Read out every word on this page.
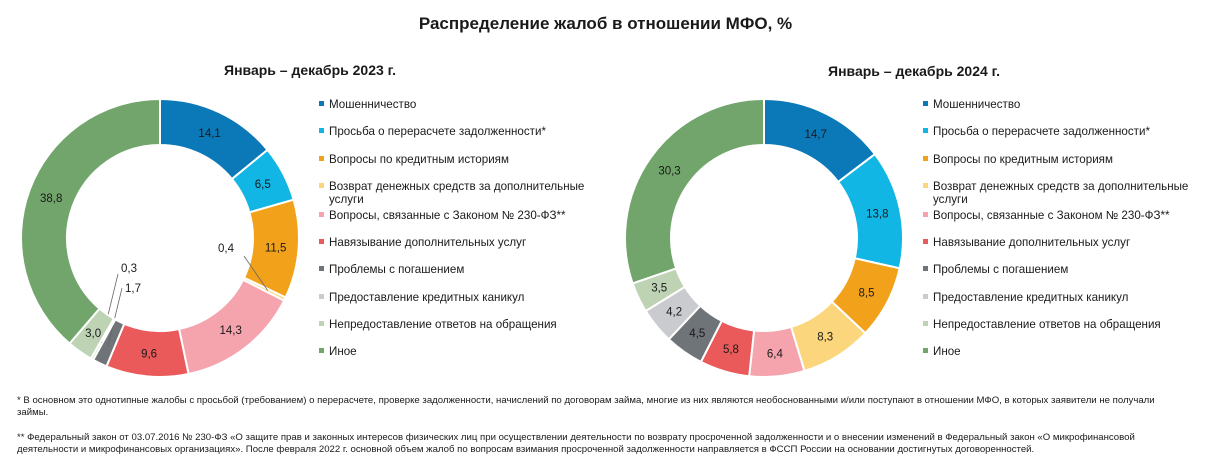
Распределение жалоб в отношении МФО, %
Январь – декабрь 2023 г.	Январь – декабрь 2024 г.
14,1
6,5
11,5
0,4
14,3
9,6
1,7
0,3
3,0
38,8
14,7
13,8
8,5
8,3
6,4
5,8
4,5
4,2
3,5
30,3
Мошенничество
Просьба о перерасчете задолженности*
Вопросы по кредитным историям
Возврат денежных средств за дополнительные услуги
Вопросы, связанные с Законом № 230-ФЗ**
Навязывание дополнительных услуг
Проблемы с погашением
Предоставление кредитных каникул
Непредоставление ответов на обращения
Иное
Мошенничество
Просьба о перерасчете задолженности*
Вопросы по кредитным историям
Возврат денежных средств за дополнительные услуги
Вопросы, связанные с Законом № 230-ФЗ**
Навязывание дополнительных услуг
Проблемы с погашением
Предоставление кредитных каникул
Непредоставление ответов на обращения
Иное
* В основном это однотипные жалобы с просьбой (требованием) о перерасчете, проверке задолженности, начислений по договорам займа, многие из них являются необоснованными и/или поступают в отношении МФО, в которых заявители не получали займы.
** Федеральный закон от 03.07.2016 № 230-ФЗ «О защите прав и законных интересов физических лиц при осуществлении деятельности по возврату просроченной задолженности и о внесении изменений в Федеральный закон «О микрофинансовой деятельности и микрофинансовых организациях». После февраля 2022 г. основной объем жалоб по вопросам взимания просроченной задолженности направляется в ФССП России на основании достигнутых договоренностей.
